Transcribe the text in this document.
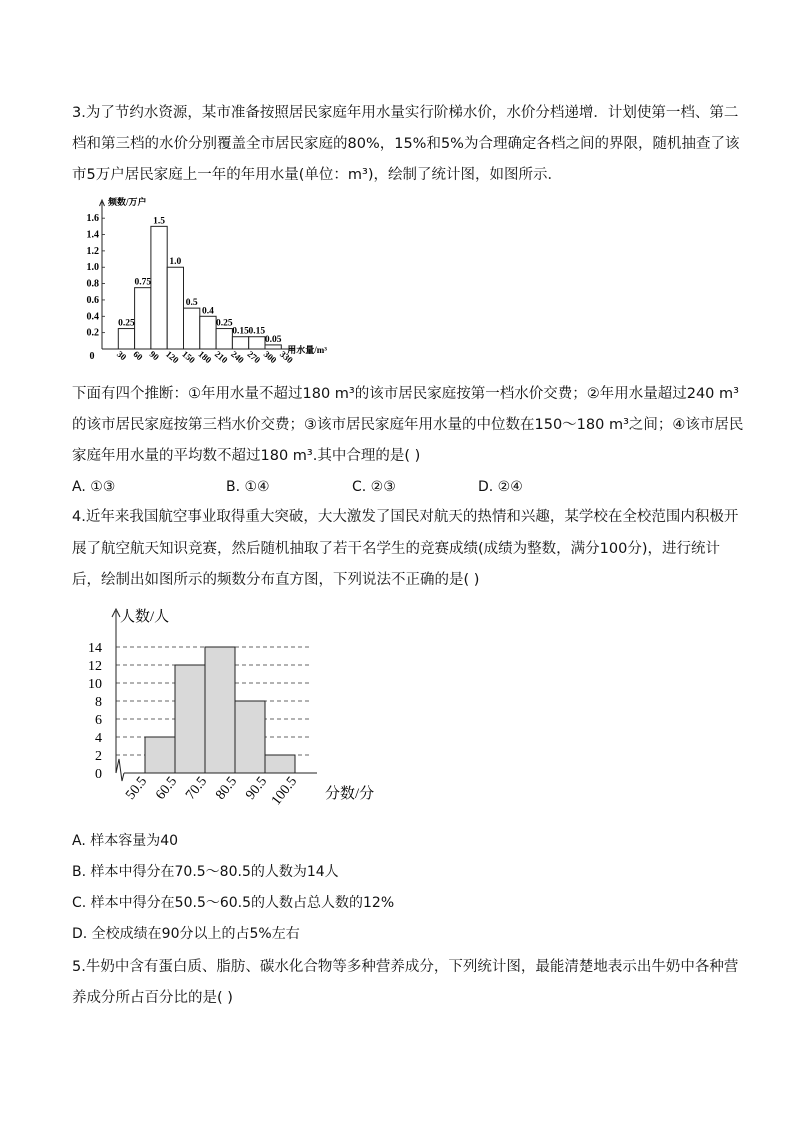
3.为了节约水资源，某市准备按照居民家庭年用水量实行阶梯水价，水价分档递增．计划使第一档、第二
档和第三档的水价分别覆盖全市居民家庭的80%，15%和5%为合理确定各档之间的界限，随机抽查了该
市5万户居民家庭上一年的年用水量(单位：m³)，绘制了统计图，如图所示．
0.2
0.4
0.6
0.8
1.0
1.2
1.4
1.6
0
频数/万户
0.25
0.75
1.5
1.0
0.5
0.4
0.25
0.15 0.15
0.05
30 60 90 120 150 180 210 240 270 300 330
用水量/m³
下面有四个推断：①年用水量不超过180 m³的该市居民家庭按第一档水价交费；②年用水量超过240 m³
的该市居民家庭按第三档水价交费；③该市居民家庭年用水量的中位数在150～180 m³之间；④该市居民
家庭年用水量的平均数不超过180 m³.其中合理的是( )
A. ①③	B. ①④	C. ②③	D. ②④
4.近年来我国航空事业取得重大突破，大大激发了国民对航天的热情和兴趣，某学校在全校范围内积极开
展了航空航天知识竞赛，然后随机抽取了若干名学生的竞赛成绩(成绩为整数，满分100分)，进行统计
后，绘制出如图所示的频数分布直方图，下列说法不正确的是( )
0
2
4
6
8
10
12
14
人数/人
50.5 60.5 70.5 80.5 90.5
100.5 分数/分
A. 样本容量为40
B. 样本中得分在70.5～80.5的人数为14人
C. 样本中得分在50.5～60.5的人数占总人数的12%
D. 全校成绩在90分以上的占5%左右
5.牛奶中含有蛋白质、脂肪、碳水化合物等多种营养成分，下列统计图，最能清楚地表示出牛奶中各种营
养成分所占百分比的是( )
